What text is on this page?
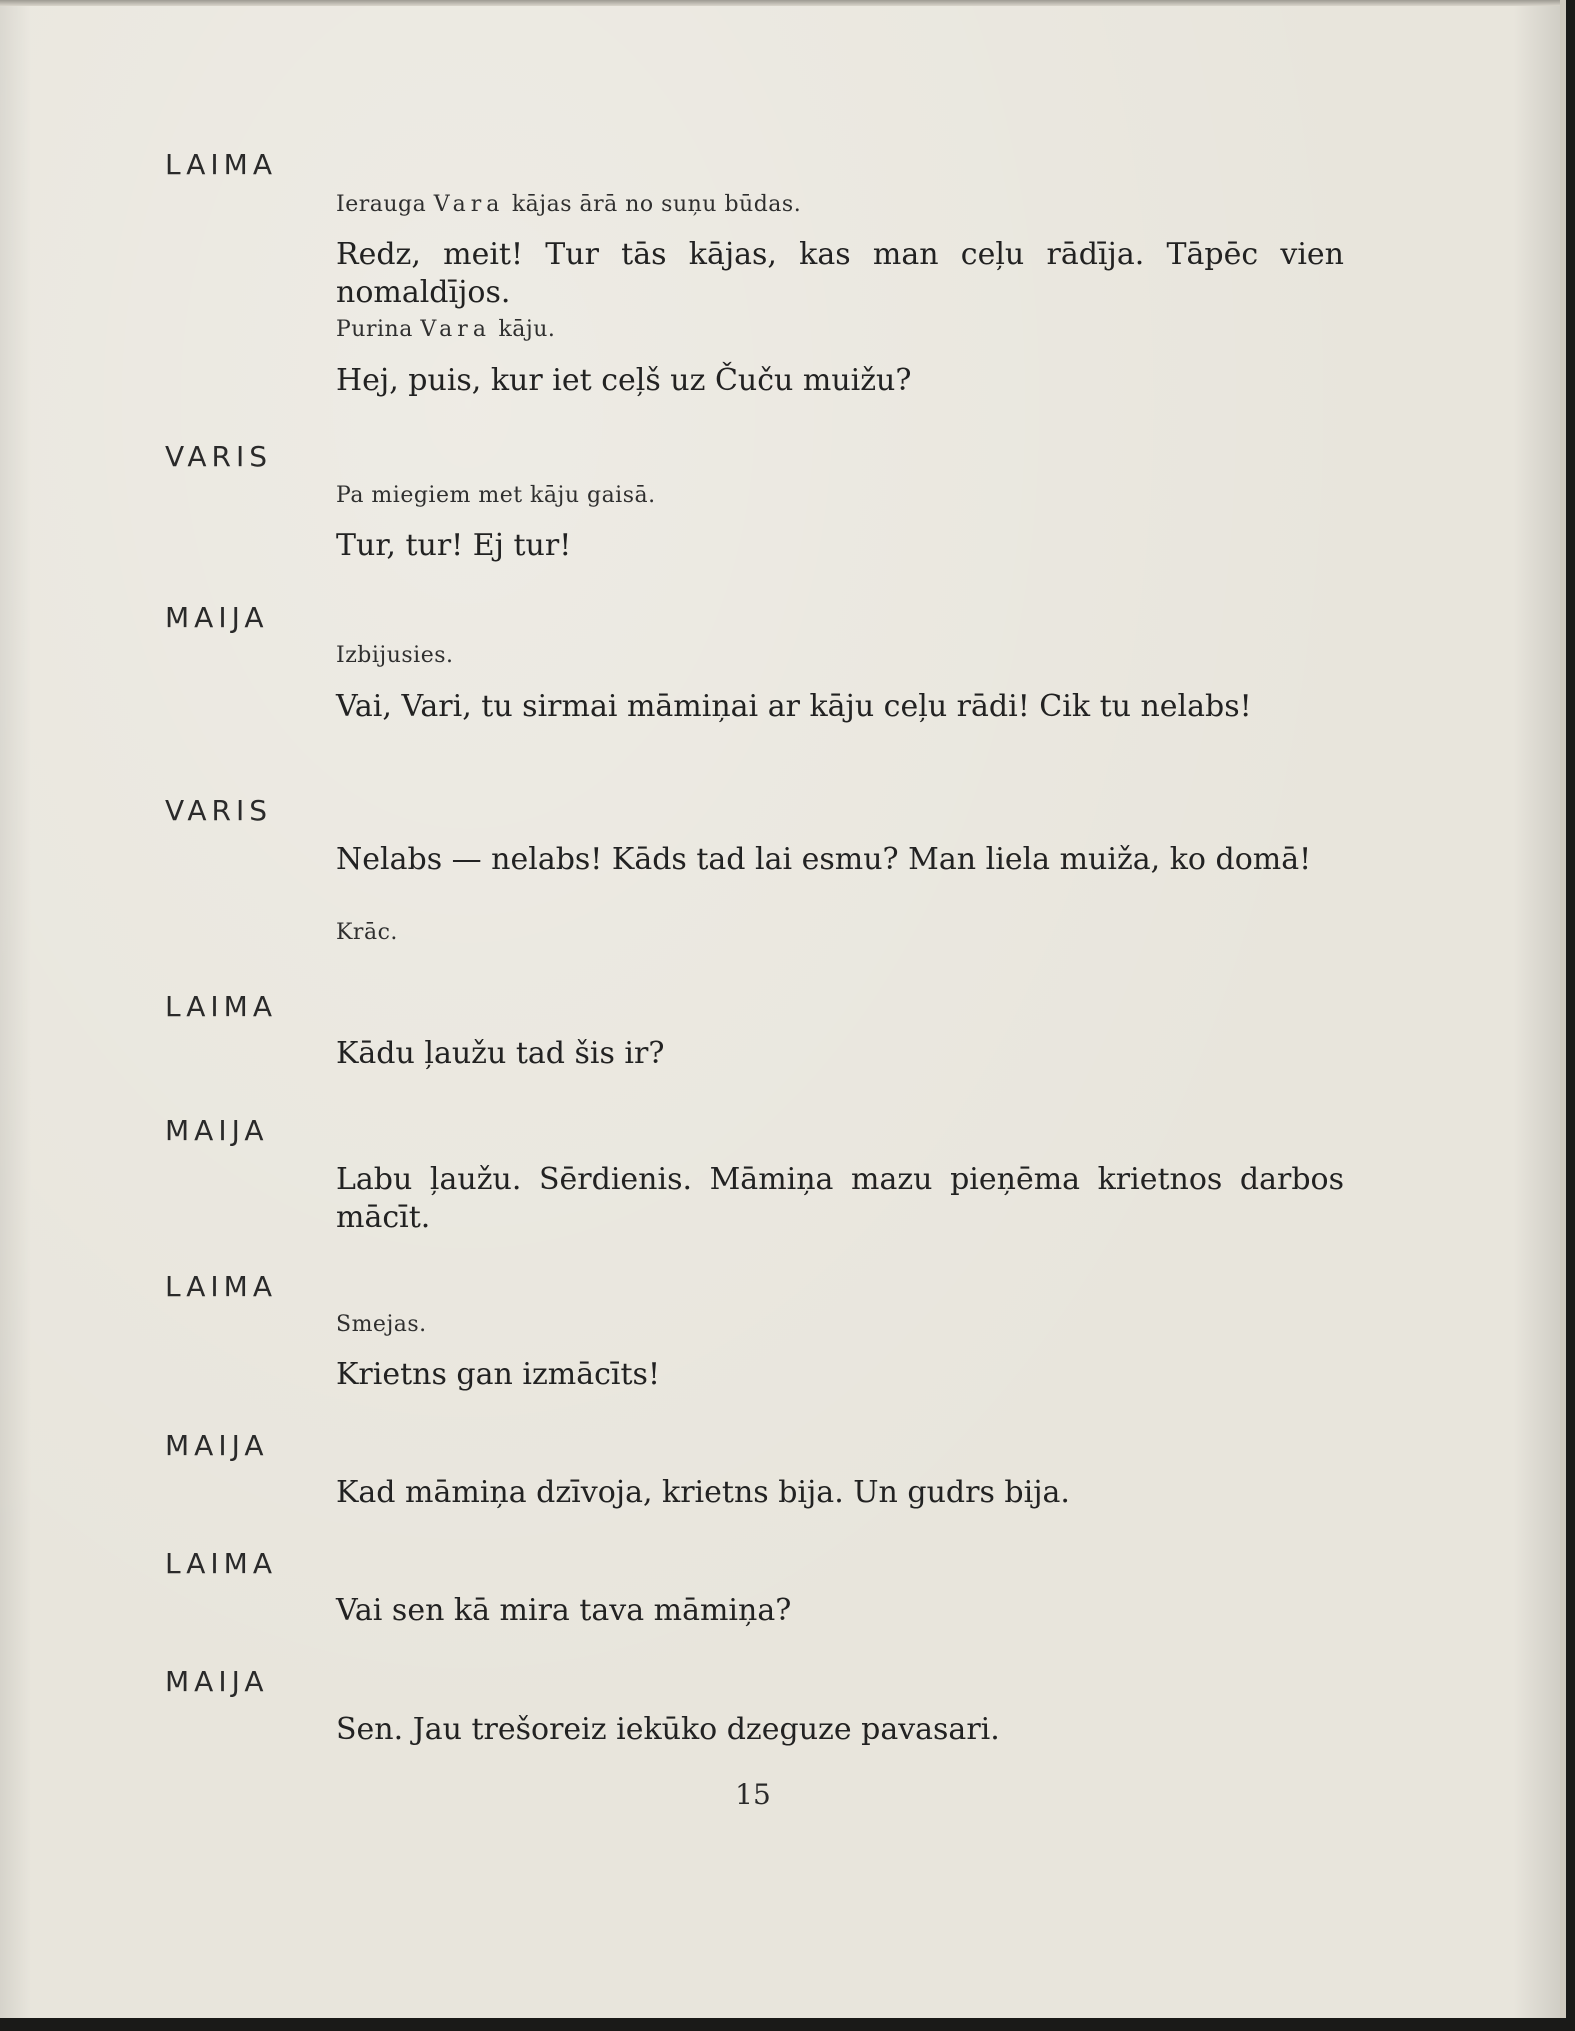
LAIMA
Ierauga Vara kājas ārā no suņu būdas.
Redz, meit! Tur tās kājas, kas man ceļu rādīja. Tāpēc vien nomaldījos.
Purina Vara kāju.
Hej, puis, kur iet ceļš uz Čuču muižu?
VARIS
Pa miegiem met kāju gaisā.
Tur, tur! Ej tur!
MAIJA
Izbijusies.
Vai, Vari, tu sirmai māmiņai ar kāju ceļu rādi! Cik tu nelabs!
VARIS
Nelabs — nelabs! Kāds tad lai esmu? Man liela muiža, ko domā!
Krāc.
LAIMA
Kādu ļaužu tad šis ir?
MAIJA
Labu ļaužu. Sērdienis. Māmiņa mazu pieņēma krietnos darbos mācīt.
LAIMA
Smejas.
Krietns gan izmācīts!
MAIJA
Kad māmiņa dzīvoja, krietns bija. Un gudrs bija.
LAIMA
Vai sen kā mira tava māmiņa?
MAIJA
Sen. Jau trešoreiz iekūko dzeguze pavasari.
15
